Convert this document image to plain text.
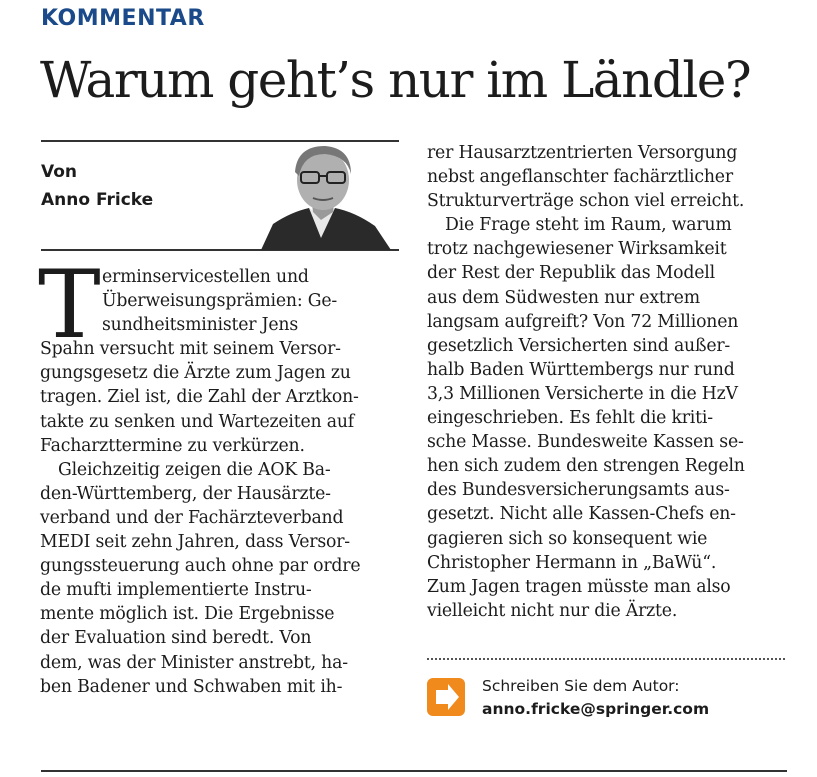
KOMMENTAR
Warum geht’s nur im Ländle?
Von
Anno Fricke
T erminservicestellen und
Überweisungsprämien: Ge-
sundheitsminister Jens
Spahn versucht mit seinem Versor-
gungsgesetz die Ärzte zum Jagen zu
tragen. Ziel ist, die Zahl der Arztkon-
takte zu senken und Wartezeiten auf
Facharzttermine zu verkürzen.
Gleichzeitig zeigen die AOK Ba-
den-Württemberg, der Hausärzte-
verband und der Fachärzteverband
MEDI seit zehn Jahren, dass Versor-
gungssteuerung auch ohne par ordre
de mufti implementierte Instru-
mente möglich ist. Die Ergebnisse
der Evaluation sind beredt. Von
dem, was der Minister anstrebt, ha-
ben Badener und Schwaben mit ih-
rer Hausarztzentrierten Versorgung
nebst angeflanschter fachärztlicher
Strukturverträge schon viel erreicht.
Die Frage steht im Raum, warum
trotz nachgewiesener Wirksamkeit
der Rest der Republik das Modell
aus dem Südwesten nur extrem
langsam aufgreift? Von 72 Millionen
gesetzlich Versicherten sind außer-
halb Baden Württembergs nur rund
3,3 Millionen Versicherte in die HzV
eingeschrieben. Es fehlt die kriti-
sche Masse. Bundesweite Kassen se-
hen sich zudem den strengen Regeln
des Bundesversicherungsamts aus-
gesetzt. Nicht alle Kassen-Chefs en-
gagieren sich so konsequent wie
Christopher Hermann in „BaWü“.
Zum Jagen tragen müsste man also
vielleicht nicht nur die Ärzte.
Schreiben Sie dem Autor:
anno.fricke@springer.com
